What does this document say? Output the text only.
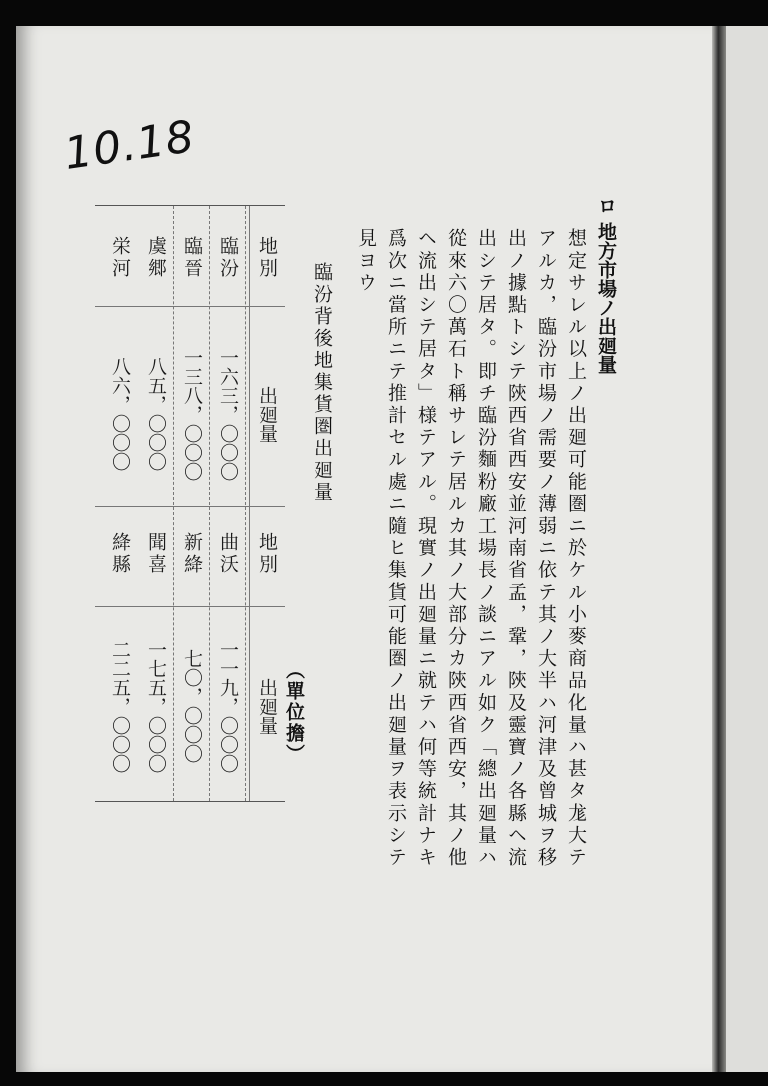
10.18
ロ 地方市場ノ出廻量
想定サレル以上ノ出廻可能圏ニ於ケル小麥商品化量ハ甚タ尨大テ
アルカ，臨汾市場ノ需要ノ薄弱ニ依テ其ノ大半ハ河津及曾城ヲ移
出ノ據點トシテ陝西省西安並河南省孟，鞏，陝及靈寶ノ各縣ヘ流
出シテ居タ。即チ臨汾麵粉廠工場長ノ談ニアル如ク「總出廻量ハ
從來六〇萬石ト稱サレテ居ルカ其ノ大部分カ陝西省西安，其ノ他
ヘ流出シテ居タ」様テアル。現實ノ出廻量ニ就テハ何等統計ナキ
爲次ニ當所ニテ推計セル處ニ隨ヒ集貨可能圏ノ出廻量ヲ表示シテ
見ヨウ
臨汾背後地集貨圏出廻量
（單位擔）
地別
出廻量
地別
出廻量
臨汾
一六三，〇〇〇
曲沃
一一九，〇〇〇
臨晉
一三八，〇〇〇
新絳
七〇，〇〇〇
虞郷
八五，〇〇〇
聞喜
一七五，〇〇〇
栄河
八六，〇〇〇
絳縣
二二五，〇〇〇
